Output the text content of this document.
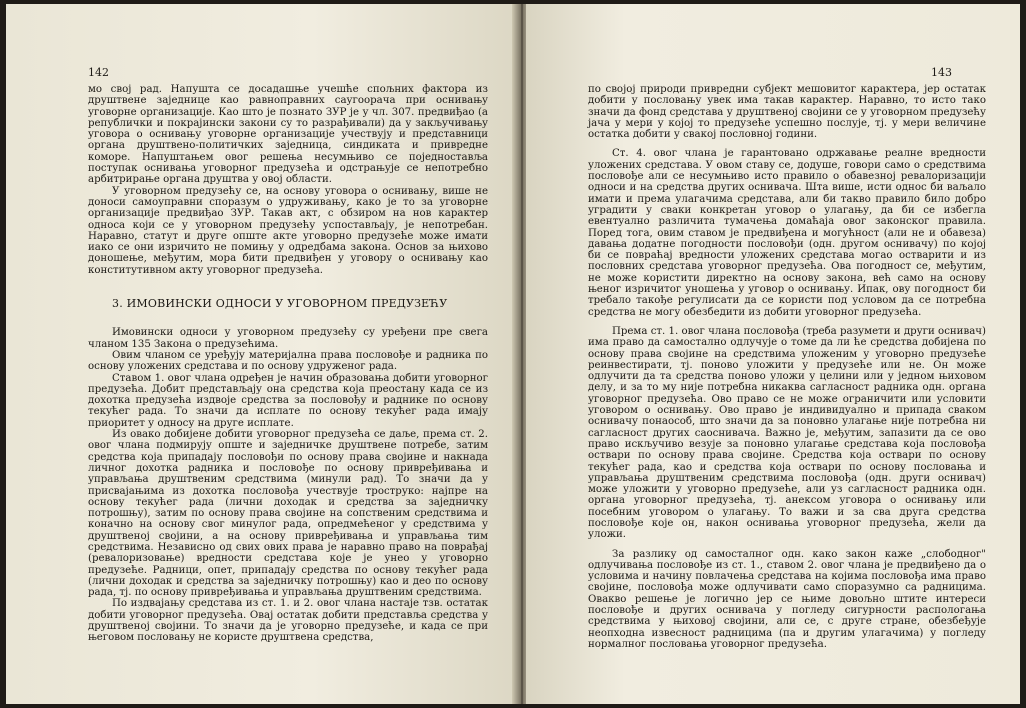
142

мо свој рад. Напушта се досадашње учешће спољних фактора из друштвене заједнице као равноправних саугоорача при оснивању уговорне организације. Као што је познато ЗУР је у чл. 307. предвиђао (а републички и покрајински закони су то разрађивали) да у закључивању уговора о оснивању уговорне организације учествују и представници органа друштвено-политичких заједница, синдиката и привредне коморе. Напуштањем овог решења несумњиво се поједноставља поступак оснивања уговорног предузећа и одстрањује се непотребно арбитрирање органа друштва у овој области.

У уговорном предузећу се, на основу уговора о оснивању, више не доноси самоуправни споразум о удруживању, како је то за уговорне организације предвиђао ЗУР. Такав акт, с обзиром на нов карактер односа који се у уговорном предузећу успостављају, је непотребан. Наравно, статут и друге опште акте уговорно предузеће може имати иако се они изричито не помињу у одредбама закона. Основ за њихово доношење, међутим, мора бити предвиђен у уговору о оснивању као конститутивном акту уговорног предузећа.

3. ИМОВИНСКИ ОДНОСИ У УГОВОРНОМ ПРЕДУЗЕЋУ

Имовински односи у уговорном предузећу су уређени пре свега чланом 135 Закона о предузећима.

Овим чланом се уређују материјална права пословође и радника по основу уложених средстава и по основу удруженог рада.

Ставом 1. овог члана одређен је начин образовања добити уговорног предузећа. Добит представљају она средства која преостану када се из дохотка предузећа издвоје средства за пословођу и раднике по основу текућег рада. То значи да исплате по основу текућег рада имају приоритет у односу на друге исплате.

Из овако добијене добити уговорног предузећа се даље, према ст. 2. овог члана подмирују опште и заједничке друштвене потребе, затим средства која припадају пословођи по основу права својине и накнада личног дохотка радника и пословође по основу привређивања и управљања друштвеним средствима (минули рад). То значи да у присвајањима из дохотка пословођа учествује троструко: најпре на основу текућег рада (лични доходак и средства за заједничку потрошњу), затим по основу права својине на сопственим средствима и коначно на основу свог минулог рада, опредмећеног у средствима у друштвеној својини, а на основу привређивања и управљања тим средствима. Независно од свих ових права је наравно право на поврађај (ревалоризовање) вредности средстава које је унео у уговорно предузеће. Радници, опет, припадају средства по основу текућег рада (лични доходак и средства за заједничку потрошњу) као и део по основу рада, тј. по основу привређивања и управљања друштвеним средствима.

По издвајању средстава из ст. 1. и 2. овог члана настаје тзв. остатак добити уговорног предузећа. Овај остатак добити представља средства у друштвеној својини. То значи да је уговорно предузеће, и када се при његовом пословању не користе друштвена средства,

143

по својој природи привредни субјект мешовитог карактера, јер остатак добити у пословању увек има такав карактер. Наравно, то исто тако значи да фонд средстава у друштвеној својини се у уговорном предузећу јача у мери у којој то предузеће успешно послује, тј. у мери величине остатка добити у свакој пословној години.

Ст. 4. овог члана је гарантовано одржавање реалне вредности уложених средстава. У овом ставу се, додуше, говори само о средствима пословође али се несумњиво исто правило о обавезној ревалоризацији односи и на средства других оснивача. Шта више, исти однос би ваљало имати и према улагачима средстава, али би такво правило било добро уградити у сваки конкретан уговор о улагању, да би се избегла евентуално различита тумачења домаћаја овог законског правила. Поред тога, овим ставом је предвиђена и могућност (али не и обавеза) давања додатне погодности пословођи (одн. другом оснивачу) по којој би се повраћај вредности уложених средстава могао остварити и из пословних средстава уговорног предузећа. Ова погодност се, међутим, не може користити директно на основу закона, већ само на основу њеног изричитог уношења у уговор о оснивању. Ипак, ову погодност би требало такође регулисати да се користи под условом да се потребна средства не могу обезбедити из добити уговорног предузећа.

Према ст. 1. овог члана пословођа (треба разумети и други оснивач) има право да самостално одлучује о томе да ли ће средства добијена по основу права својине на средствима уложеним у уговорно предузеће реинвестирати, тј. поново уложити у предузеће или не. Он може одлучити да та средства поново уложи у целини или у једном њиховом делу, и за то му није потребна никаква сагласност радника одн. органа уговорног предузећа. Ово право се не може ограничити или условити уговором о оснивању. Ово право је индивидуално и припада сваком оснивачу понаособ, што значи да за поновно улагање није потребна ни сагласност других саоснивача. Важно је, међутим, запазити да се ово право искључиво везује за поновно улагање средстава која пословођа оствари по основу права својине. Средства која оствари по основу текућег рада, као и средства која оствари по основу пословања и управљања друштвеним средствима пословођа (одн. други оснивач) може уложити у уговорно предузеће, али уз сагласност радника одн. органа уговорног предузећа, тј. анексом уговора о оснивању или посебним уговором о улагању. То важи и за сва друга средства пословође које он, након оснивања уговорног предузећа, жели да уложи.

За разлику од самосталног одн. како закон каже „слободног" одлучивања пословође из ст. 1., ставом 2. овог члана је предвиђено да о условима и начину повлачења средстава на којима пословођа има право својине, пословођа може одлучивати само споразумно са радницима. Овакво решење је логично јер се њиме довољно штите интереси пословође и других оснивача у погледу сигурности распологања средствима у њиховој својини, али се, с друге стране, обезбеђује неопходна извесност радницима (па и другим улагачима) у погледу нормалног пословања уговорног предузећа.
